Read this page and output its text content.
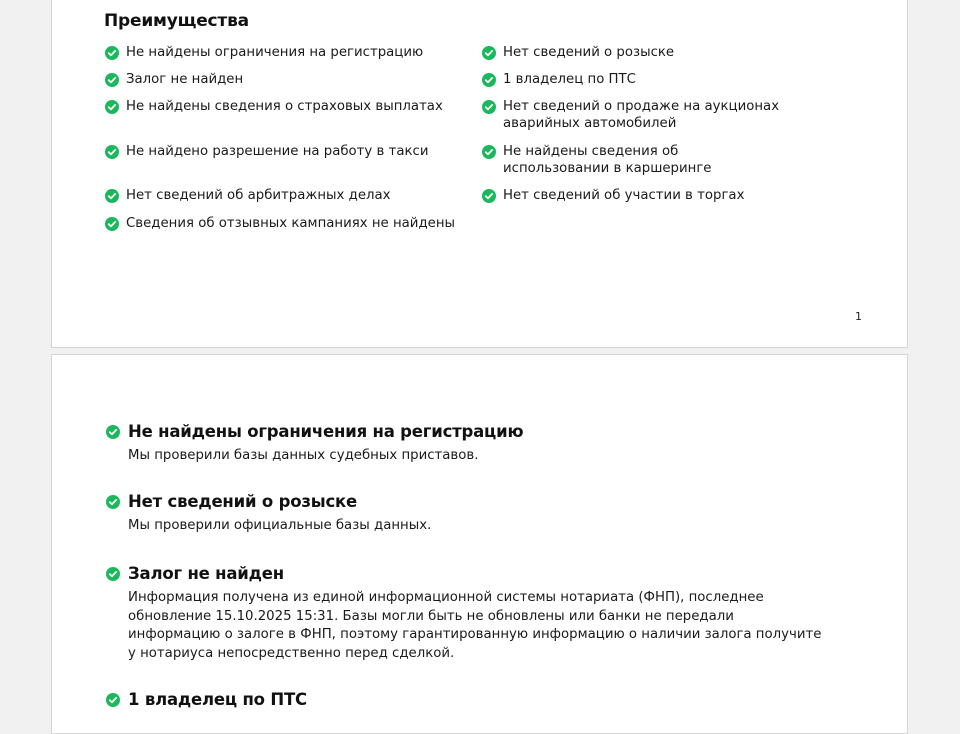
Преимущества
Не найдены ограничения на регистрацию
Залог не найден
Не найдены сведения о страховых выплатах
Не найдено разрешение на работу в такси
Нет сведений об арбитражных делах
Сведения об отзывных кампаниях не найдены
Нет сведений о розыске
1 владелец по ПТС
Нет сведений о продаже на аукционах аварийных автомобилей
Не найдены сведения об использовании в каршеринге
Нет сведений об участии в торгах
1
Не найдены ограничения на регистрацию
Мы проверили базы данных судебных приставов.
Нет сведений о розыске
Мы проверили официальные базы данных.
Залог не найден
Информация получена из единой информационной системы нотариата (ФНП), последнее обновление 15.10.2025 15:31. Базы могли быть не обновлены или банки не передали информацию о залоге в ФНП, поэтому гарантированную информацию о наличии залога получите у нотариуса непосредственно перед сделкой.
1 владелец по ПТС
